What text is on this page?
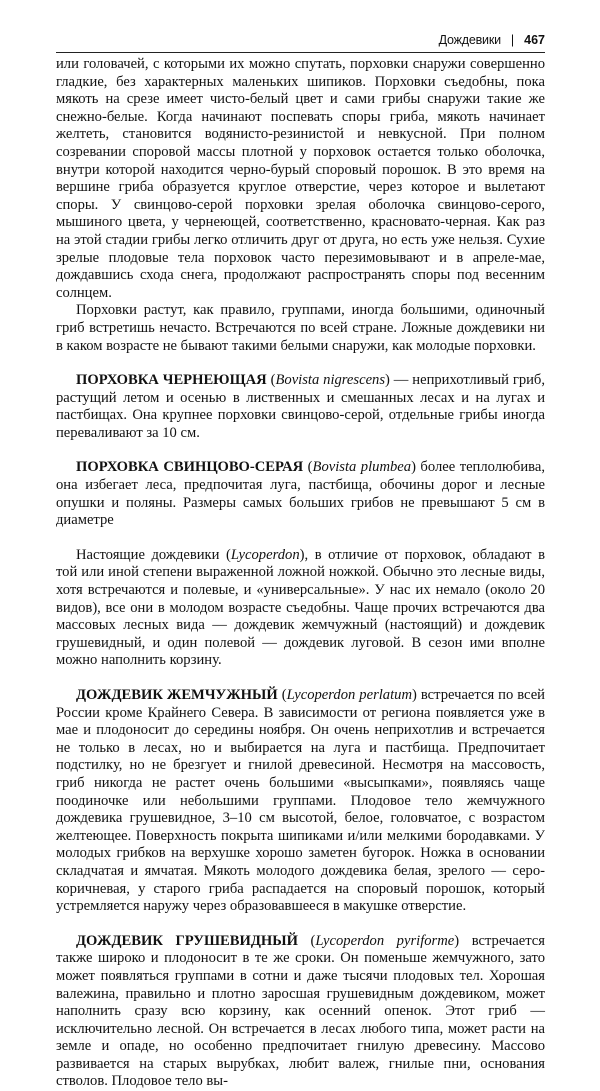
Дождевики | 467

или головачей, с которыми их можно спутать, порховки снаружи совершенно гладкие, без характерных маленьких шипиков. Порховки съедобны, пока мякоть на срезе имеет чисто-белый цвет и сами грибы снаружи такие же снежно-белые. Когда начинают поспевать споры гриба, мякоть начинает желтеть, становится водянисто-резинистой и невкусной. При полном созревании споровой массы плотной у порховок остается только оболочка, внутри которой находится черно-бурый споровый порошок. В это время на вершине гриба образуется круглое отверстие, через которое и вылетают споры. У свинцово-серой порховки зрелая оболочка свинцово-серого, мышиного цвета, у чернеющей, соответственно, красновато-черная. Как раз на этой стадии грибы легко отличить друг от друга, но есть уже нельзя. Сухие зрелые плодовые тела порховок часто перезимовывают и в апреле-мае, дождавшись схода снега, продолжают распространять споры под весенним солнцем.

Порховки растут, как правило, группами, иногда большими, одиночный гриб встретишь нечасто. Встречаются по всей стране. Ложные дождевики ни в каком возрасте не бывают такими белыми снаружи, как молодые порховки.

ПОРХОВКА ЧЕРНЕЮЩАЯ (Bovista nigrescens) — неприхотливый гриб, растущий летом и осенью в лиственных и смешанных лесах и на лугах и пастбищах. Она крупнее порховки свинцово-серой, отдельные грибы иногда переваливают за 10 см.

ПОРХОВКА СВИНЦОВО-СЕРАЯ (Bovista plumbea) более теплолюбива, она избегает леса, предпочитая луга, пастбища, обочины дорог и лесные опушки и поляны. Размеры самых больших грибов не превышают 5 см в диаметре

Настоящие дождевики (Lycoperdon), в отличие от порховок, обладают в той или иной степени выраженной ложной ножкой. Обычно это лесные виды, хотя встречаются и полевые, и «универсальные». У нас их немало (около 20 видов), все они в молодом возрасте съедобны. Чаще прочих встречаются два массовых лесных вида — дождевик жемчужный (настоящий) и дождевик грушевидный, и один полевой — дождевик луговой. В сезон ими вполне можно наполнить корзину.

ДОЖДЕВИК ЖЕМЧУЖНЫЙ (Lycoperdon perlatum) встречается по всей России кроме Крайнего Севера. В зависимости от региона появляется уже в мае и плодоносит до середины ноября. Он очень неприхотлив и встречается не только в лесах, но и выбирается на луга и пастбища. Предпочитает подстилку, но не брезгует и гнилой древесиной. Несмотря на массовость, гриб никогда не растет очень большими «высыпками», появляясь чаще поодиночке или небольшими группами. Плодовое тело жемчужного дождевика грушевидное, 3–10 см высотой, белое, головчатое, с возрастом желтеющее. Поверхность покрыта шипиками и/или мелкими бородавками. У молодых грибков на верхушке хорошо заметен бугорок. Ножка в основании складчатая и ямчатая. Мякоть молодого дождевика белая, зрелого — серо-коричневая, у старого гриба распадается на споровый порошок, который устремляется наружу через образовавшееся в макушке отверстие.

ДОЖДЕВИК ГРУШЕВИДНЫЙ (Lycoperdon pyriforme) встречается также широко и плодоносит в те же сроки. Он поменьше жемчужного, зато может появляться группами в сотни и даже тысячи плодовых тел. Хорошая валежина, правильно и плотно заросшая грушевидным дождевиком, может наполнить сразу всю корзину, как осенний опенок. Этот гриб — исключительно лесной. Он встречается в лесах любого типа, может расти на земле и опаде, но особенно предпочитает гнилую древесину. Массово развивается на старых вырубках, любит валеж, гнилые пни, основания стволов. Плодовое тело вы-
